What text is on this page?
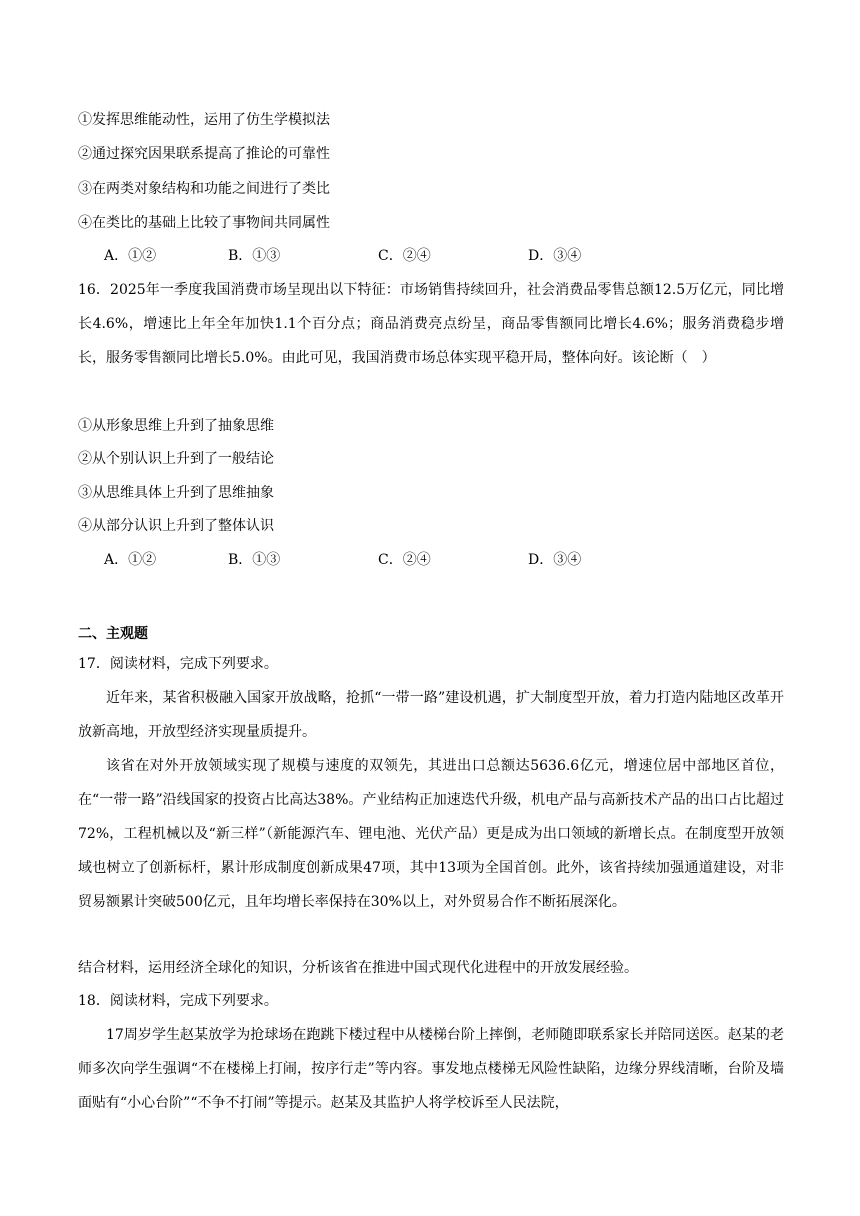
①发挥思维能动性，运用了仿生学模拟法
②通过探究因果联系提高了推论的可靠性
③在两类对象结构和功能之间进行了类比
④在类比的基础上比较了事物间共同属性
A．①②	B．①③	C．②④	D．③④

16．2025年一季度我国消费市场呈现出以下特征：市场销售持续回升，社会消费品零售总额12.5万亿元，同比增长4.6%，增速比上年全年加快1.1个百分点；商品消费亮点纷呈，商品零售额同比增长4.6%；服务消费稳步增长，服务零售额同比增长5.0%。由此可见，我国消费市场总体实现平稳开局，整体向好。该论断（　）

①从形象思维上升到了抽象思维
②从个别认识上升到了一般结论
③从思维具体上升到了思维抽象
④从部分认识上升到了整体认识
A．①②	B．①③	C．②④	D．③④
二、主观题
17．阅读材料，完成下列要求。

近年来，某省积极融入国家开放战略，抢抓“一带一路”建设机遇，扩大制度型开放，着力打造内陆地区改革开放新高地，开放型经济实现量质提升。

该省在对外开放领域实现了规模与速度的双领先，其进出口总额达5636.6亿元，增速位居中部地区首位，在“一带一路”沿线国家的投资占比高达38%。产业结构正加速迭代升级，机电产品与高新技术产品的出口占比超过72%，工程机械以及“新三样”（新能源汽车、锂电池、光伏产品）更是成为出口领域的新增长点。在制度型开放领域也树立了创新标杆，累计形成制度创新成果47项，其中13项为全国首创。此外，该省持续加强通道建设，对非贸易额累计突破500亿元，且年均增长率保持在30%以上，对外贸易合作不断拓展深化。

结合材料，运用经济全球化的知识，分析该省在推进中国式现代化进程中的开放发展经验。
18．阅读材料，完成下列要求。

17周岁学生赵某放学为抢球场在跑跳下楼过程中从楼梯台阶上摔倒，老师随即联系家长并陪同送医。赵某的老师多次向学生强调“不在楼梯上打闹，按序行走”等内容。事发地点楼梯无风险性缺陷，边缘分界线清晰，台阶及墙面贴有“小心台阶”“不争不打闹”等提示。赵某及其监护人将学校诉至人民法院，
